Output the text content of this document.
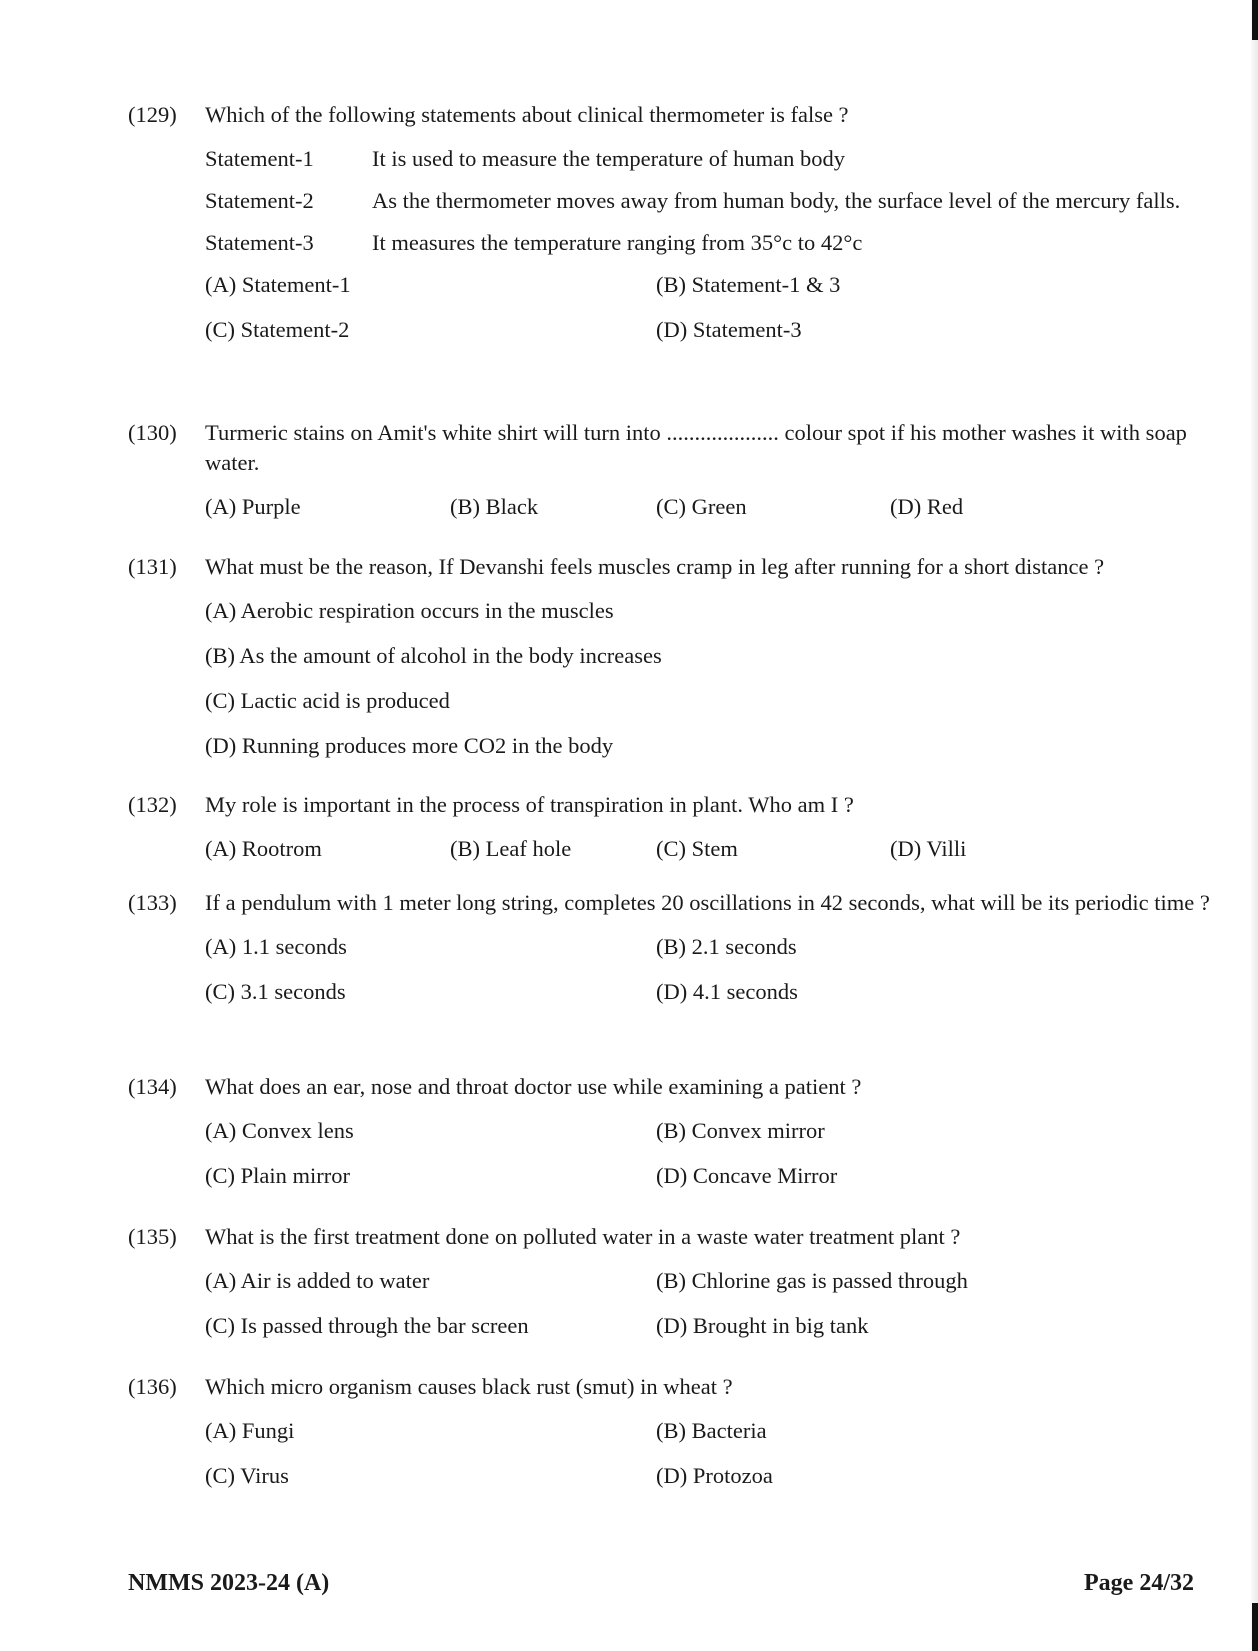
(129)	Which of the following statements about clinical thermometer is false ?
Statement-1	It is used to measure the temperature of human body
Statement-2	As the thermometer moves away from human body, the surface level of the mercury falls.
Statement-3	It measures the temperature ranging from 35°c to 42°c
(A) Statement-1	(B) Statement-1 & 3
(C) Statement-2	(D) Statement-3
(130)	Turmeric stains on Amit's white shirt will turn into .................... colour spot if his mother washes it with soap water.
(A) Purple	(B) Black	(C) Green	(D) Red
(131)	What must be the reason, If Devanshi feels muscles cramp in leg after running for a short distance ?
(A) Aerobic respiration occurs in the muscles
(B) As the amount of alcohol in the body increases
(C) Lactic acid is produced
(D) Running produces more CO2 in the body
(132)	My role is important in the process of transpiration in plant. Who am I ?
(A) Rootrom	(B) Leaf hole	(C) Stem	(D) Villi
(133)	If a pendulum with 1 meter long string, completes 20 oscillations in 42 seconds, what will be its periodic time ?
(A) 1.1 seconds	(B) 2.1 seconds
(C) 3.1 seconds	(D) 4.1 seconds
(134)	What does an ear, nose and throat doctor use while examining a patient ?
(A) Convex lens	(B) Convex mirror
(C) Plain mirror	(D) Concave Mirror
(135)	What is the first treatment done on polluted water in a waste water treatment plant ?
(A) Air is added to water	(B) Chlorine gas is passed through
(C) Is passed through the bar screen	(D) Brought in big tank
(136)	Which micro organism causes black rust (smut) in wheat ?
(A) Fungi	(B) Bacteria
(C) Virus	(D) Protozoa
NMMS 2023-24 (A)	Page 24/32
